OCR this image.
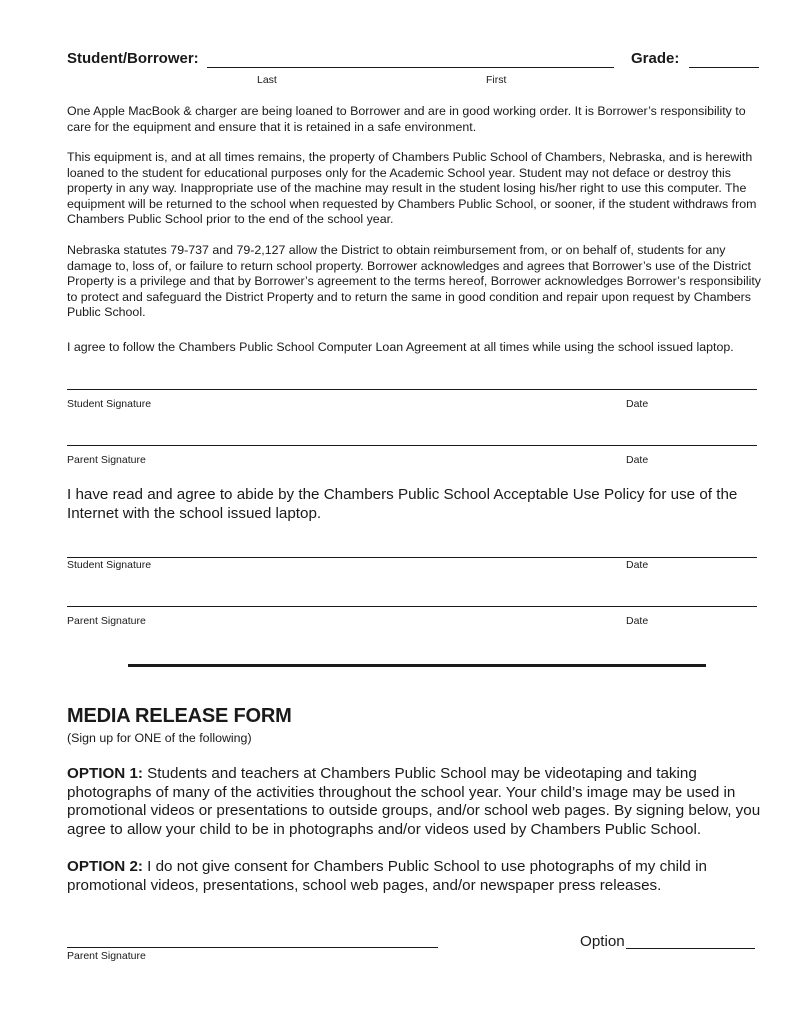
Student/Borrower:	Grade:
Last	First

One Apple MacBook & charger are being loaned to Borrower and are in good working order. It is Borrower’s responsibility to care for the equipment and ensure that it is retained in a safe environment.

This equipment is, and at all times remains, the property of Chambers Public School of Chambers, Nebraska, and is herewith loaned to the student for educational purposes only for the Academic School year. Student may not deface or destroy this property in any way. Inappropriate use of the machine may result in the student losing his/her right to use this computer. The equipment will be returned to the school when requested by Chambers Public School, or sooner, if the student withdraws from Chambers Public School prior to the end of the school year.

Nebraska statutes 79-737 and 79-2,127 allow the District to obtain reimbursement from, or on behalf of, students for any damage to, loss of, or failure to return school property. Borrower acknowledges and agrees that Borrower’s use of the District Property is a privilege and that by Borrower’s agreement to the terms hereof, Borrower acknowledges Borrower’s responsibility to protect and safeguard the District Property and to return the same in good condition and repair upon request by Chambers Public School.

I agree to follow the Chambers Public School Computer Loan Agreement at all times while using the school issued laptop.

Student Signature	Date
Parent Signature	Date

I have read and agree to abide by the Chambers Public School Acceptable Use Policy for use of the Internet with the school issued laptop.

Student Signature	Date
Parent Signature	Date
MEDIA RELEASE FORM
(Sign up for ONE of the following)

OPTION 1: Students and teachers at Chambers Public School may be videotaping and taking photographs of many of the activities throughout the school year. Your child’s image may be used in promotional videos or presentations to outside groups, and/or school web pages. By signing below, you agree to allow your child to be in photographs and/or videos used by Chambers Public School.

OPTION 2: I do not give consent for Chambers Public School to use photographs of my child in promotional videos, presentations, school web pages, and/or newspaper press releases.

Parent Signature
Option
